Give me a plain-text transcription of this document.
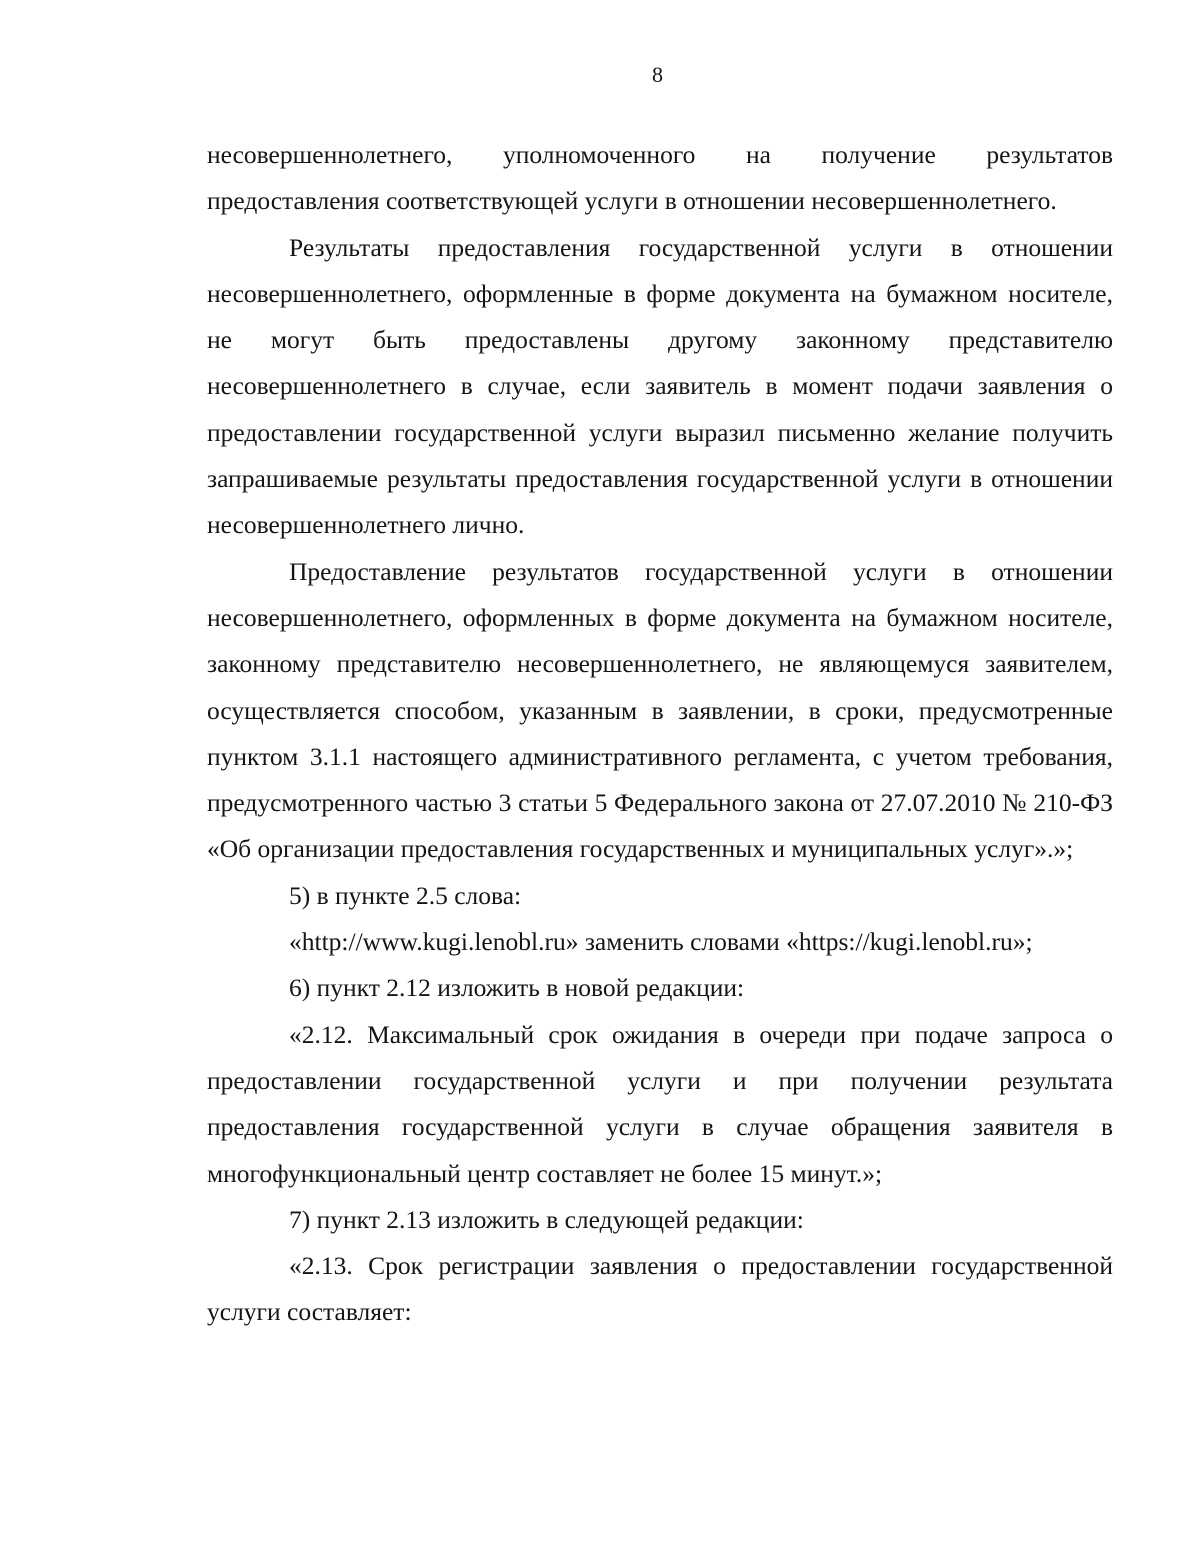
8

несовершеннолетнего, уполномоченного на получение результатов предоставления соответствующей услуги в отношении несовершеннолетнего.

Результаты предоставления государственной услуги в отношении несовершеннолетнего, оформленные в форме документа на бумажном носителе, не могут быть предоставлены другому законному представителю несовершеннолетнего в случае, если заявитель в момент подачи заявления о предоставлении государственной услуги выразил письменно желание получить запрашиваемые результаты предоставления государственной услуги в отношении несовершеннолетнего лично.

Предоставление результатов государственной услуги в отношении несовершеннолетнего, оформленных в форме документа на бумажном носителе, законному представителю несовершеннолетнего, не являющемуся заявителем, осуществляется способом, указанным в заявлении, в сроки, предусмотренные пунктом 3.1.1 настоящего административного регламента, с учетом требования, предусмотренного частью 3 статьи 5 Федерального закона от 27.07.2010 № 210-ФЗ «Об организации предоставления государственных и муниципальных услуг».»;

5) в пункте 2.5 слова:

«http://www.kugi.lenobl.ru» заменить словами «https://kugi.lenobl.ru»;

6) пункт 2.12 изложить в новой редакции:

«2.12. Максимальный срок ожидания в очереди при подаче запроса о предоставлении государственной услуги и при получении результата предоставления государственной услуги в случае обращения заявителя в многофункциональный центр составляет не более 15 минут.»;

7) пункт 2.13 изложить в следующей редакции:

«2.13. Срок регистрации заявления о предоставлении государственной услуги составляет:
